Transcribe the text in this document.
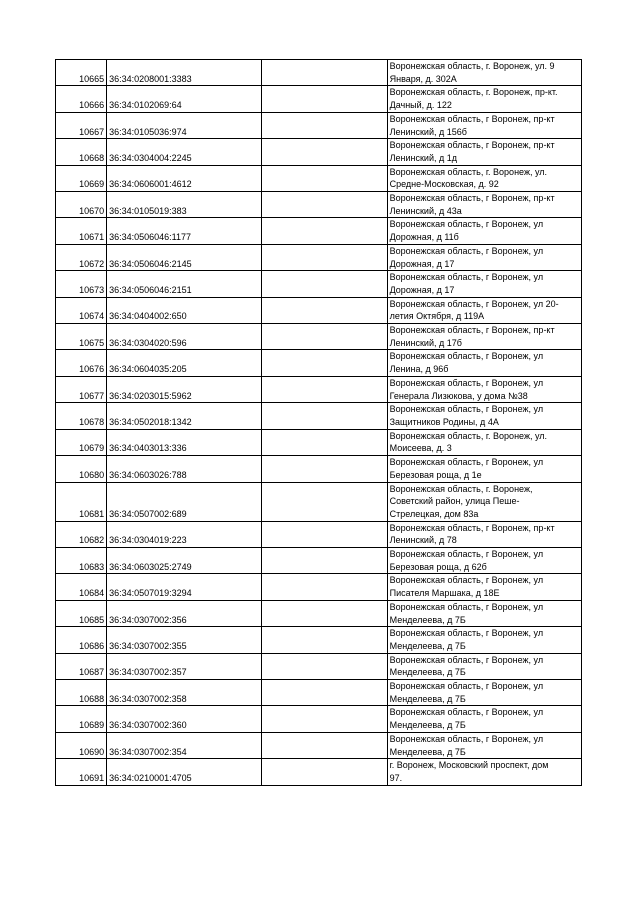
10665	36:34:0208001:3383		Воронежская область, г. Воронеж, ул. 9
Января, д. 302А

10666	36:34:0102069:64		Воронежская область, г. Воронеж, пр-кт.
Дачный, д. 122

10667	36:34:0105036:974		Воронежская область, г Воронеж, пр-кт
Ленинский, д 156б

10668	36:34:0304004:2245		Воронежская область, г Воронеж, пр-кт
Ленинский, д 1д

10669	36:34:0606001:4612		Воронежская область, г. Воронеж, ул.
Средне-Московская, д. 92

10670	36:34:0105019:383		Воронежская область, г Воронеж, пр-кт
Ленинский, д 43а

10671	36:34:0506046:1177		Воронежская область, г Воронеж, ул
Дорожная, д 11б

10672	36:34:0506046:2145		Воронежская область, г Воронеж, ул
Дорожная, д 17

10673	36:34:0506046:2151		Воронежская область, г Воронеж, ул
Дорожная, д 17

10674	36:34:0404002:650		Воронежская область, г Воронеж, ул 20-
летия Октября, д 119А

10675	36:34:0304020:596		Воронежская область, г Воронеж, пр-кт
Ленинский, д 17б

10676	36:34:0604035:205		Воронежская область, г Воронеж, ул
Ленина, д 96б

10677	36:34:0203015:5962		Воронежская область, г Воронеж, ул
Генерала Лизюкова, у дома №38

10678	36:34:0502018:1342		Воронежская область, г Воронеж, ул
Защитников Родины, д 4А

10679	36:34:0403013:336		Воронежская область, г. Воронеж, ул.
Моисеева, д. 3

10680	36:34:0603026:788		Воронежская область, г Воронеж, ул
Березовая роща, д 1е

10681	36:34:0507002:689		Воронежская область, г. Воронеж,
Советский район, улица Пеше-
Стрелецкая, дом 83а

10682	36:34:0304019:223		Воронежская область, г Воронеж, пр-кт
Ленинский, д 78

10683	36:34:0603025:2749		Воронежская область, г Воронеж, ул
Березовая роща, д 62б

10684	36:34:0507019:3294		Воронежская область, г Воронеж, ул
Писателя Маршака, д 18Е

10685	36:34:0307002:356		Воронежская область, г Воронеж, ул
Менделеева, д 7Б

10686	36:34:0307002:355		Воронежская область, г Воронеж, ул
Менделеева, д 7Б

10687	36:34:0307002:357		Воронежская область, г Воронеж, ул
Менделеева, д 7Б

10688	36:34:0307002:358		Воронежская область, г Воронеж, ул
Менделеева, д 7Б

10689	36:34:0307002:360		Воронежская область, г Воронеж, ул
Менделеева, д 7Б

10690	36:34:0307002:354		Воронежская область, г Воронеж, ул
Менделеева, д 7Б

10691	36:34:0210001:4705		г. Воронеж, Московский проспект, дом
97.
